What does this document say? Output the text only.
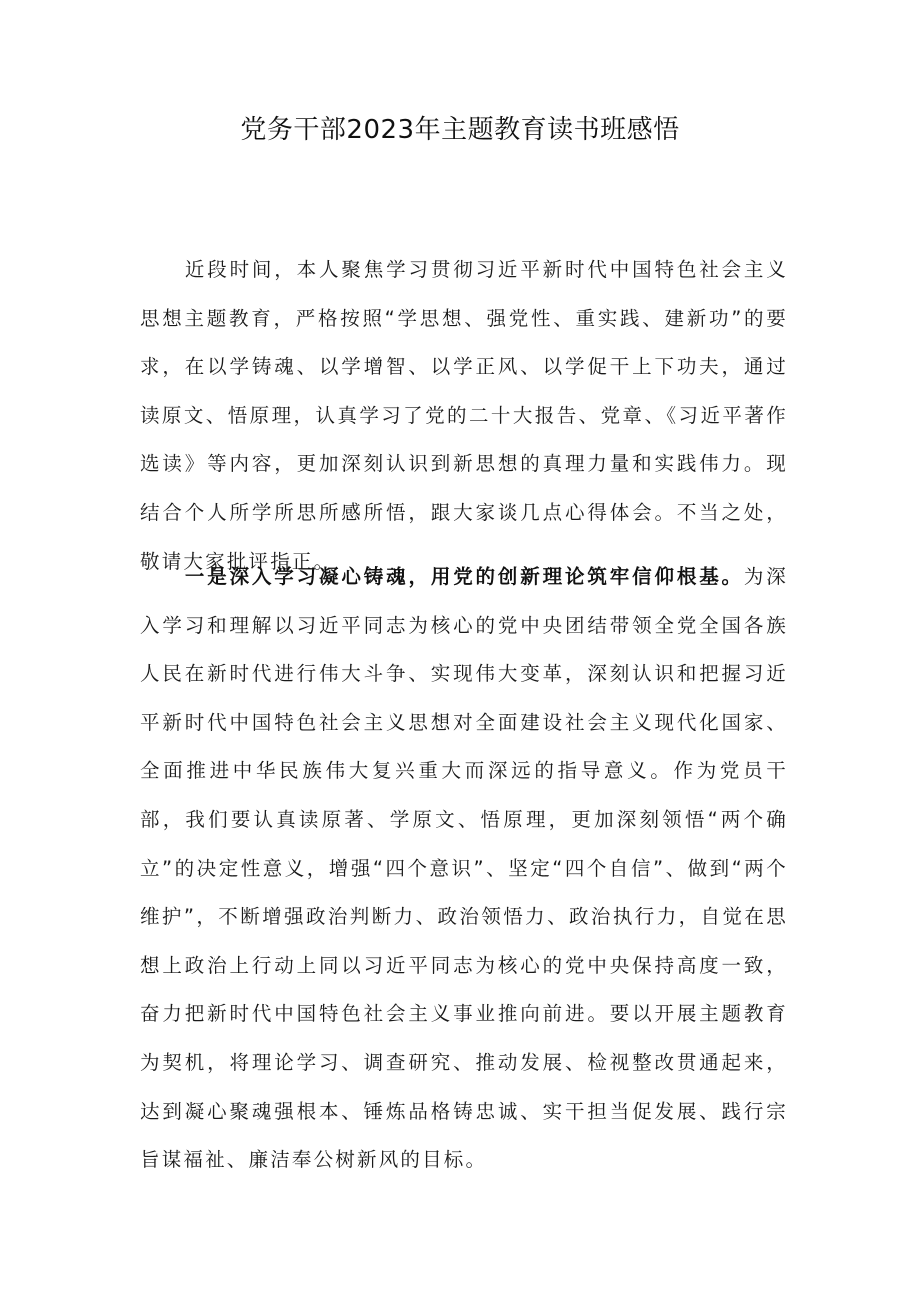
党务干部2023年主题教育读书班感悟

近段时间，本人聚焦学习贯彻习近平新时代中国特色社会主义思想主题教育，严格按照“学思想、强党性、重实践、建新功”的要求，在以学铸魂、以学增智、以学正风、以学促干上下功夫，通过读原文、悟原理，认真学习了党的二十大报告、党章、《习近平著作选读》等内容，更加深刻认识到新思想的真理力量和实践伟力。现结合个人所学所思所感所悟，跟大家谈几点心得体会。不当之处，敬请大家批评指正。

一是深入学习凝心铸魂，用党的创新理论筑牢信仰根基。为深入学习和理解以习近平同志为核心的党中央团结带领全党全国各族人民在新时代进行伟大斗争、实现伟大变革，深刻认识和把握习近平新时代中国特色社会主义思想对全面建设社会主义现代化国家、全面推进中华民族伟大复兴重大而深远的指导意义。作为党员干部，我们要认真读原著、学原文、悟原理，更加深刻领悟“两个确立”的决定性意义，增强“四个意识”、坚定“四个自信”、做到“两个维护”，不断增强政治判断力、政治领悟力、政治执行力，自觉在思想上政治上行动上同以习近平同志为核心的党中央保持高度一致，奋力把新时代中国特色社会主义事业推向前进。要以开展主题教育为契机，将理论学习、调查研究、推动发展、检视整改贯通起来，达到凝心聚魂强根本、锤炼品格铸忠诚、实干担当促发展、践行宗旨谋福祉、廉洁奉公树新风的目标。
